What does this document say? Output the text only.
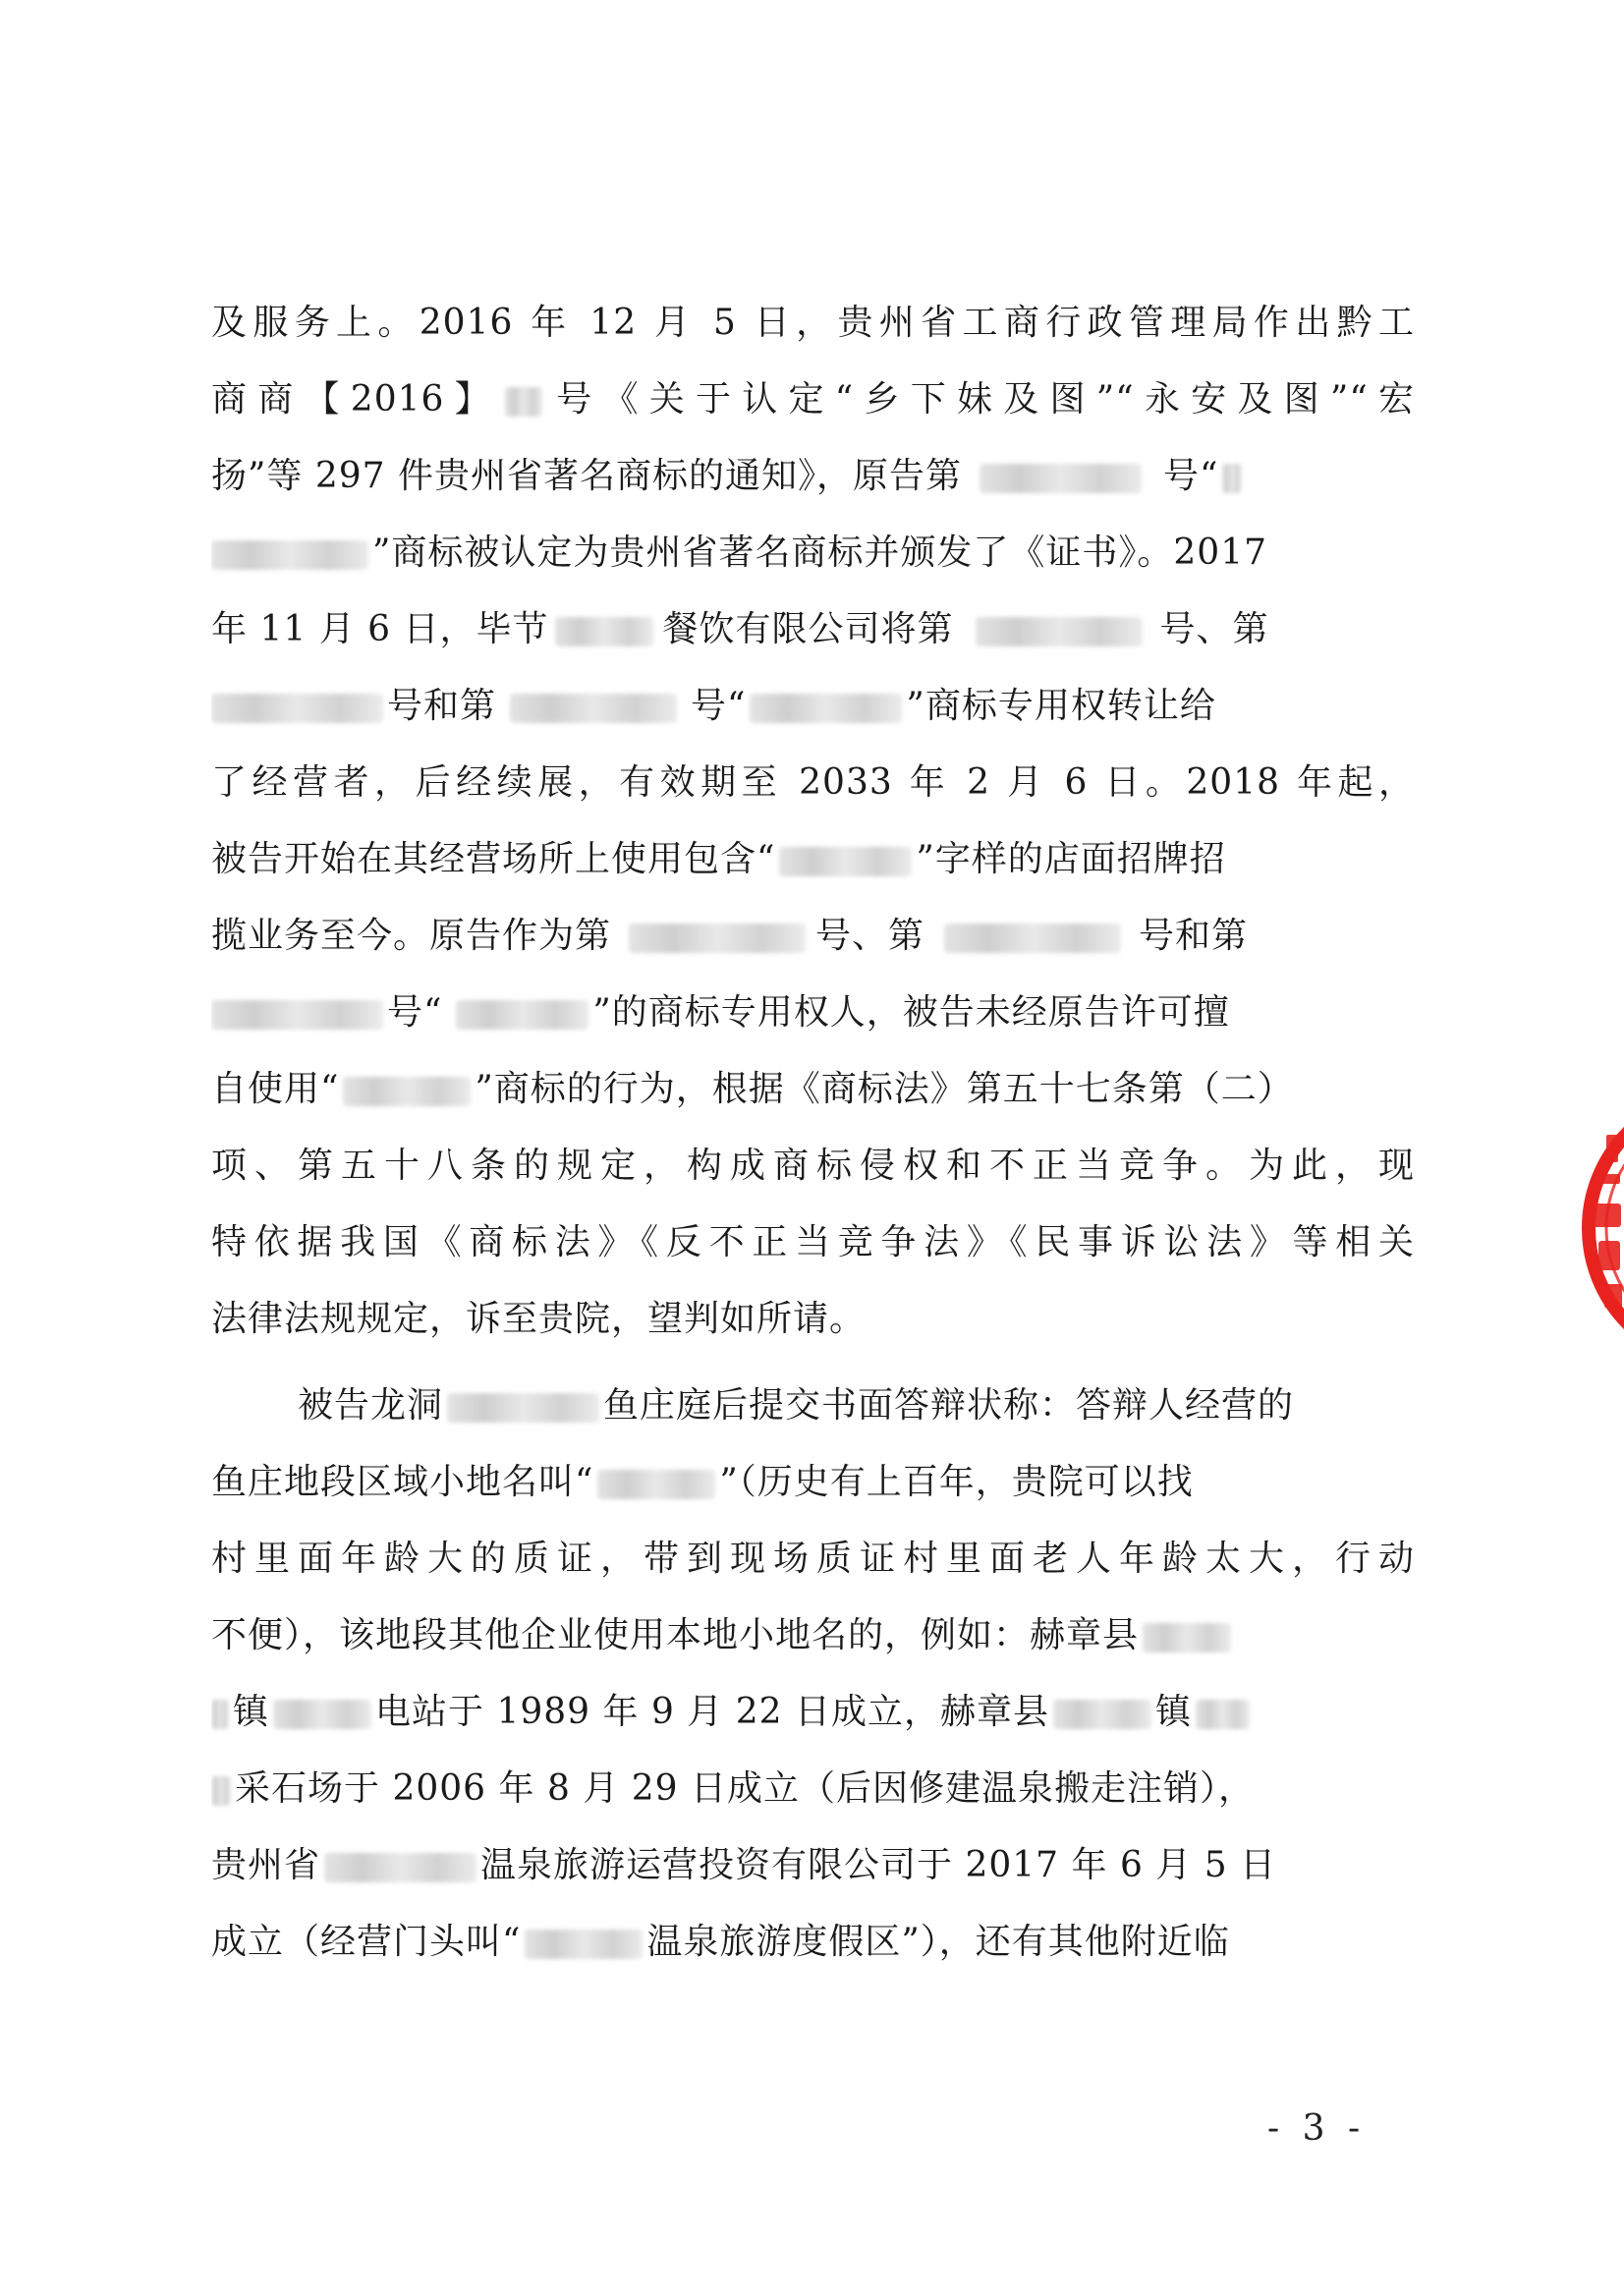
及服务上。2016 年 12 月 5 日，贵州省工商行政管理局作出黔工
商商【2016】 号《关于认定“乡下妹及图”“永安及图”“宏
扬”等 297 件贵州省著名商标的通知》，原告第	号“
”商标被认定为贵州省著名商标并颁发了《证书》。2017
年 11 月 6 日，毕节	餐饮有限公司将第	号、第
号和第	号“	”商标专用权转让给
了经营者，后经续展，有效期至 2033 年 2 月 6 日。2018 年起，
被告开始在其经营场所上使用包含“	”字样的店面招牌招
揽业务至今。原告作为第	号、第	号和第
号“	”的商标专用权人，被告未经原告许可擅
自使用“	”商标的行为，根据《商标法》第五十七条第（二）
项、第五十八条的规定，构成商标侵权和不正当竞争。为此，现
特依据我国《商标法》《反不正当竞争法》《民事诉讼法》等相关
法律法规规定，诉至贵院，望判如所请。
被告龙洞	鱼庄庭后提交书面答辩状称：答辩人经营的
鱼庄地段区域小地名叫“	”（历史有上百年，贵院可以找
村里面年龄大的质证，带到现场质证村里面老人年龄太大，行动
不便），该地段其他企业使用本地小地名的，例如：赫章县
镇	电站于 1989 年 9 月 22 日成立，赫章县	镇
采石场于 2006 年 8 月 29 日成立（后因修建温泉搬走注销），
贵州省	温泉旅游运营投资有限公司于 2017 年 6 月 5 日
成立（经营门头叫“	温泉旅游度假区”），还有其他附近临
- 3 -
